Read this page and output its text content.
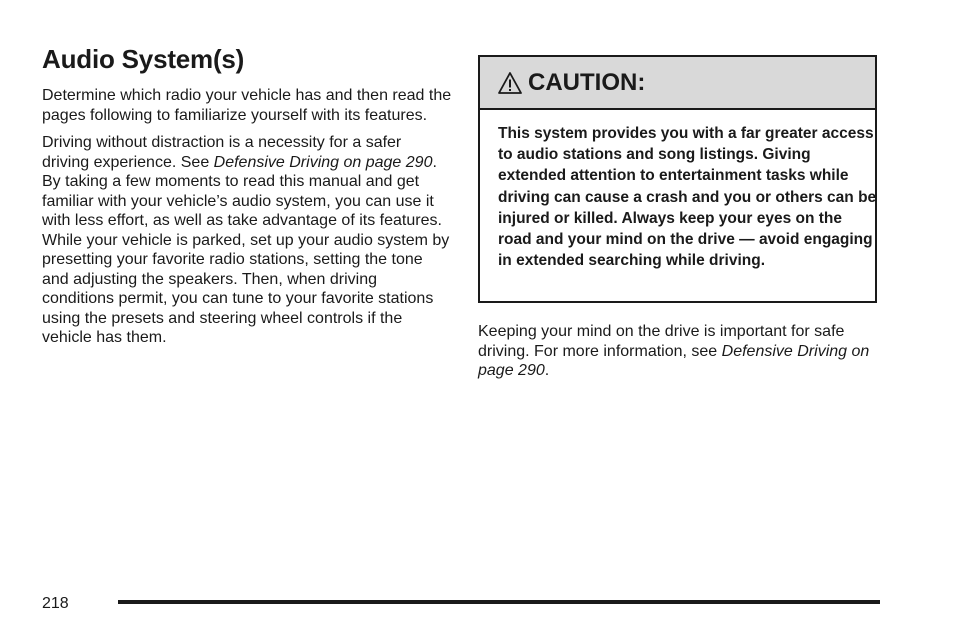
Audio System(s)

Determine which radio your vehicle has and then read the pages following to familiarize yourself with its features.

Driving without distraction is a necessity for a safer driving experience. See Defensive Driving on page 290. By taking a few moments to read this manual and get familiar with your vehicle’s audio system, you can use it with less effort, as well as take advantage of its features. While your vehicle is parked, set up your audio system by presetting your favorite radio stations, setting the tone and adjusting the speakers. Then, when driving conditions permit, you can tune to your favorite stations using the presets and steering wheel controls if the vehicle has them.

CAUTION:
This system provides you with a far greater access to audio stations and song listings. Giving extended attention to entertainment tasks while driving can cause a crash and you or others can be injured or killed. Always keep your eyes on the road and your mind on the drive — avoid engaging in extended searching while driving.

Keeping your mind on the drive is important for safe driving. For more information, see Defensive Driving on page 290.

218
